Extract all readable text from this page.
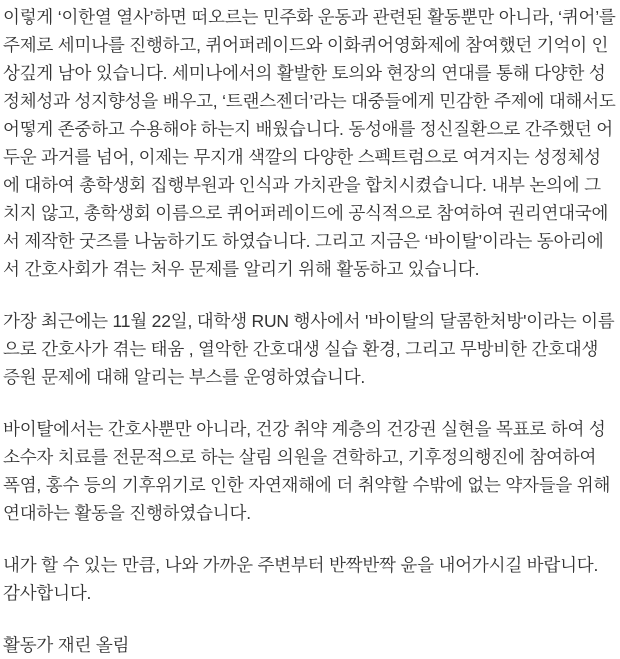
이렇게 ‘이한열 열사’하면 떠오르는 민주화 운동과 관련된 활동뿐만 아니라, ‘퀴어’를 주제로 세미나를 진행하고, 퀴어퍼레이드와 이화퀴어영화제에 참여했던 기억이 인상깊게 남아 있습니다. 세미나에서의 활발한 토의와 현장의 연대를 통해 다양한 성정체성과 성지향성을 배우고, ‘트랜스젠더’라는 대중들에게 민감한 주제에 대해서도 어떻게 존중하고 수용해야 하는지 배웠습니다. 동성애를 정신질환으로 간주했던 어두운 과거를 넘어, 이제는 무지개 색깔의 다양한 스펙트럼으로 여겨지는 성정체성에 대하여 총학생회 집행부원과 인식과 가치관을 합치시켰습니다. 내부 논의에 그치지 않고, 총학생회 이름으로 퀴어퍼레이드에 공식적으로 참여하여 권리연대국에서 제작한 굿즈를 나눔하기도 하였습니다. 그리고 지금은 ‘바이탈’이라는 동아리에서 간호사회가 겪는 처우 문제를 알리기 위해 활동하고 있습니다.

가장 최근에는 11월 22일, 대학생 RUN 행사에서 '바이탈의 달콤한처방'이라는 이름으로 간호사가 겪는 태움 , 열악한 간호대생 실습 환경, 그리고 무방비한 간호대생 증원 문제에 대해 알리는 부스를 운영하였습니다.

바이탈에서는 간호사뿐만 아니라, 건강 취약 계층의 건강권 실현을 목표로 하여 성소수자 치료를 전문적으로 하는 살림 의원을 견학하고, 기후정의행진에 참여하여 폭염, 홍수 등의 기후위기로 인한 자연재해에 더 취약할 수밖에 없는 약자들을 위해 연대하는 활동을 진행하였습니다.

내가 할 수 있는 만큼, 나와 가까운 주변부터 반짝반짝 윤을 내어가시길 바랍니다. 감사합니다.

활동가 재린 올림
